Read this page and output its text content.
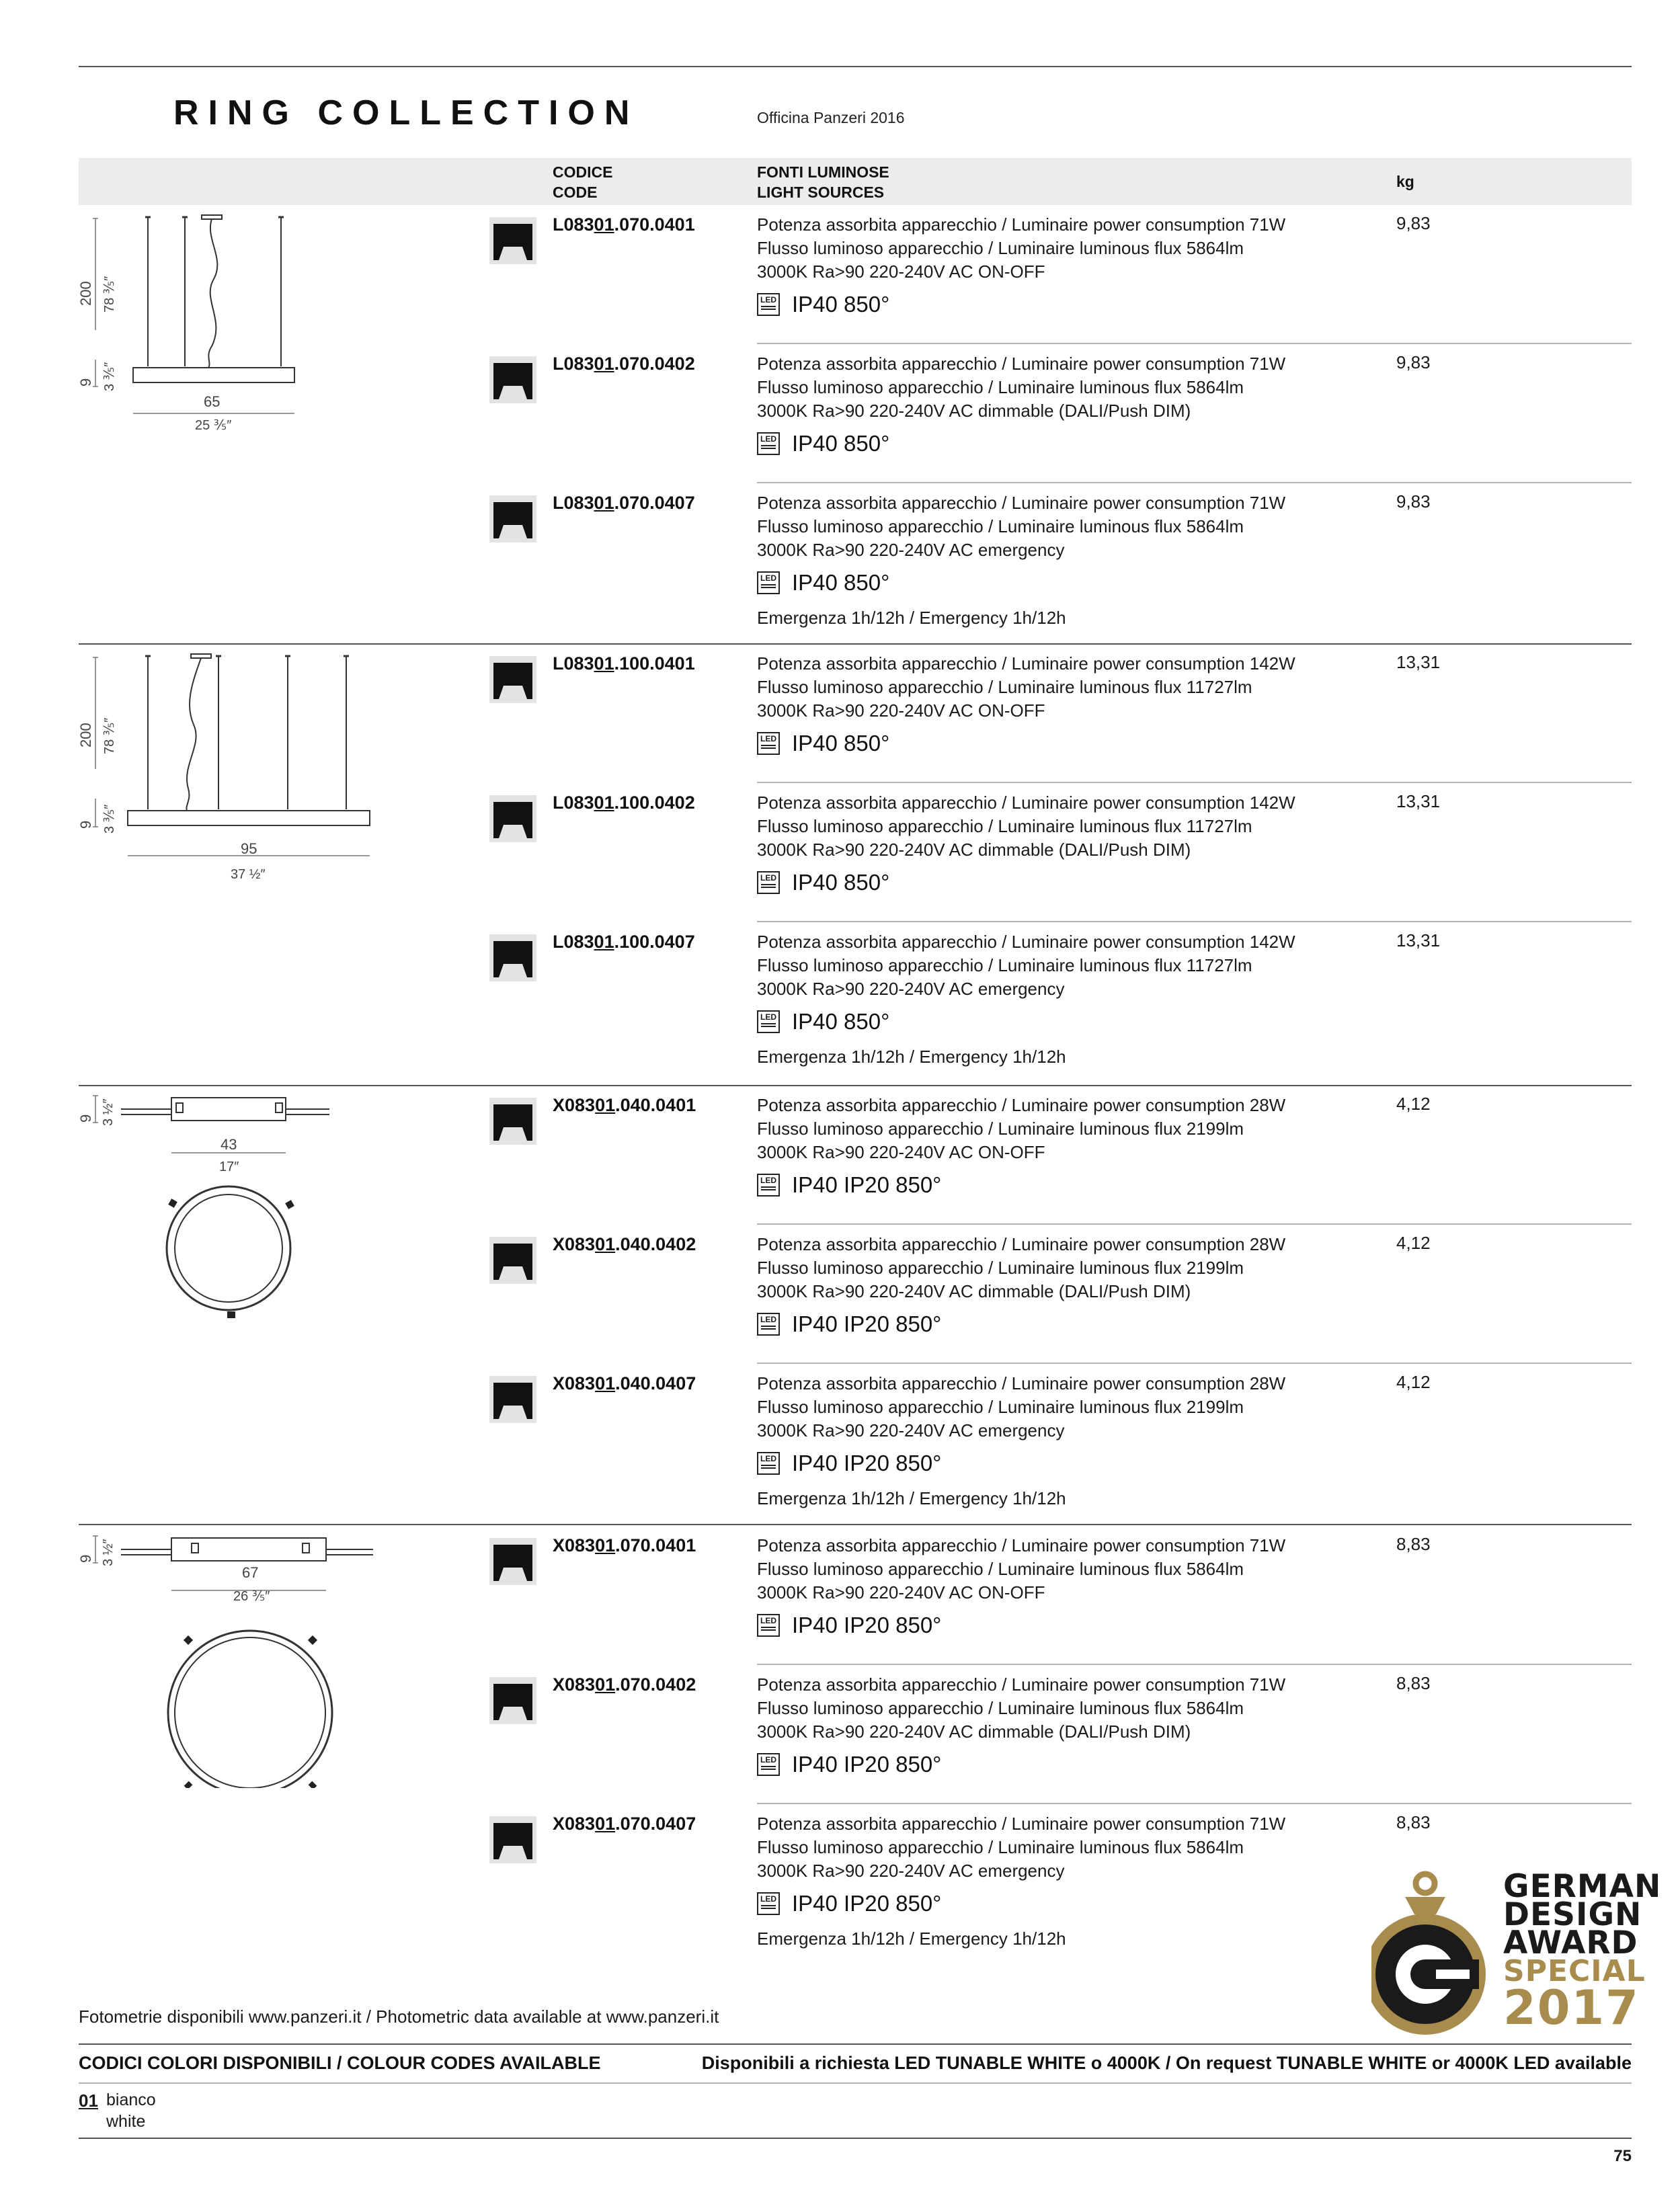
RING COLLECTION	Officina Panzeri 2016
CODICE
CODE
FONTI LUMINOSE
LIGHT SOURCES
kg
200 78 ⅗″
9 3 ⅗″
65
25 ⅗″
200 78 ⅗″
9 3 ⅗″
95
37 ½″
9 3 ½″
43
17″
9 3 ½″
67
26 ⅗″
L08301.070.0401	Potenza assorbita apparecchio / Luminaire power consumption 71W
Flusso luminoso apparecchio / Luminaire luminous flux 5864lm
3000K Ra>90 220-240V AC ON-OFF
LED IP40 850°
9,83
L08301.070.0402	Potenza assorbita apparecchio / Luminaire power consumption 71W
Flusso luminoso apparecchio / Luminaire luminous flux 5864lm
3000K Ra>90 220-240V AC dimmable (DALI/Push DIM)
LED IP40 850°
9,83
L08301.070.0407	Potenza assorbita apparecchio / Luminaire power consumption 71W
Flusso luminoso apparecchio / Luminaire luminous flux 5864lm
3000K Ra>90 220-240V AC emergency
LED IP40 850°
Emergenza 1h/12h / Emergency 1h/12h
9,83
L08301.100.0401	Potenza assorbita apparecchio / Luminaire power consumption 142W
Flusso luminoso apparecchio / Luminaire luminous flux 11727lm
3000K Ra>90 220-240V AC ON-OFF
LED IP40 850°
13,31
L08301.100.0402	Potenza assorbita apparecchio / Luminaire power consumption 142W
Flusso luminoso apparecchio / Luminaire luminous flux 11727lm
3000K Ra>90 220-240V AC dimmable (DALI/Push DIM)
LED IP40 850°
13,31
L08301.100.0407	Potenza assorbita apparecchio / Luminaire power consumption 142W
Flusso luminoso apparecchio / Luminaire luminous flux 11727lm
3000K Ra>90 220-240V AC emergency
LED IP40 850°
Emergenza 1h/12h / Emergency 1h/12h
13,31
X08301.040.0401	Potenza assorbita apparecchio / Luminaire power consumption 28W
Flusso luminoso apparecchio / Luminaire luminous flux 2199lm
3000K Ra>90 220-240V AC ON-OFF
LED IP40 IP20 850°
4,12
X08301.040.0402	Potenza assorbita apparecchio / Luminaire power consumption 28W
Flusso luminoso apparecchio / Luminaire luminous flux 2199lm
3000K Ra>90 220-240V AC dimmable (DALI/Push DIM)
LED IP40 IP20 850°
4,12
X08301.040.0407	Potenza assorbita apparecchio / Luminaire power consumption 28W
Flusso luminoso apparecchio / Luminaire luminous flux 2199lm
3000K Ra>90 220-240V AC emergency
LED IP40 IP20 850°
Emergenza 1h/12h / Emergency 1h/12h
4,12
X08301.070.0401	Potenza assorbita apparecchio / Luminaire power consumption 71W
Flusso luminoso apparecchio / Luminaire luminous flux 5864lm
3000K Ra>90 220-240V AC ON-OFF
LED IP40 IP20 850°
8,83
X08301.070.0402	Potenza assorbita apparecchio / Luminaire power consumption 71W
Flusso luminoso apparecchio / Luminaire luminous flux 5864lm
3000K Ra>90 220-240V AC dimmable (DALI/Push DIM)
LED IP40 IP20 850°
8,83
X08301.070.0407	Potenza assorbita apparecchio / Luminaire power consumption 71W
Flusso luminoso apparecchio / Luminaire luminous flux 5864lm
3000K Ra>90 220-240V AC emergency
LED IP40 IP20 850°
Emergenza 1h/12h / Emergency 1h/12h
8,83
GERMAN
DESIGN
AWARD
SPECIAL
2017
Fotometrie disponibili www.panzeri.it / Photometric data available at www.panzeri.it
CODICI COLORI DISPONIBILI / COLOUR CODES AVAILABLE	Disponibili a richiesta LED TUNABLE WHITE o 4000K / On request TUNABLE WHITE or 4000K LED available
01 bianco
white
75
